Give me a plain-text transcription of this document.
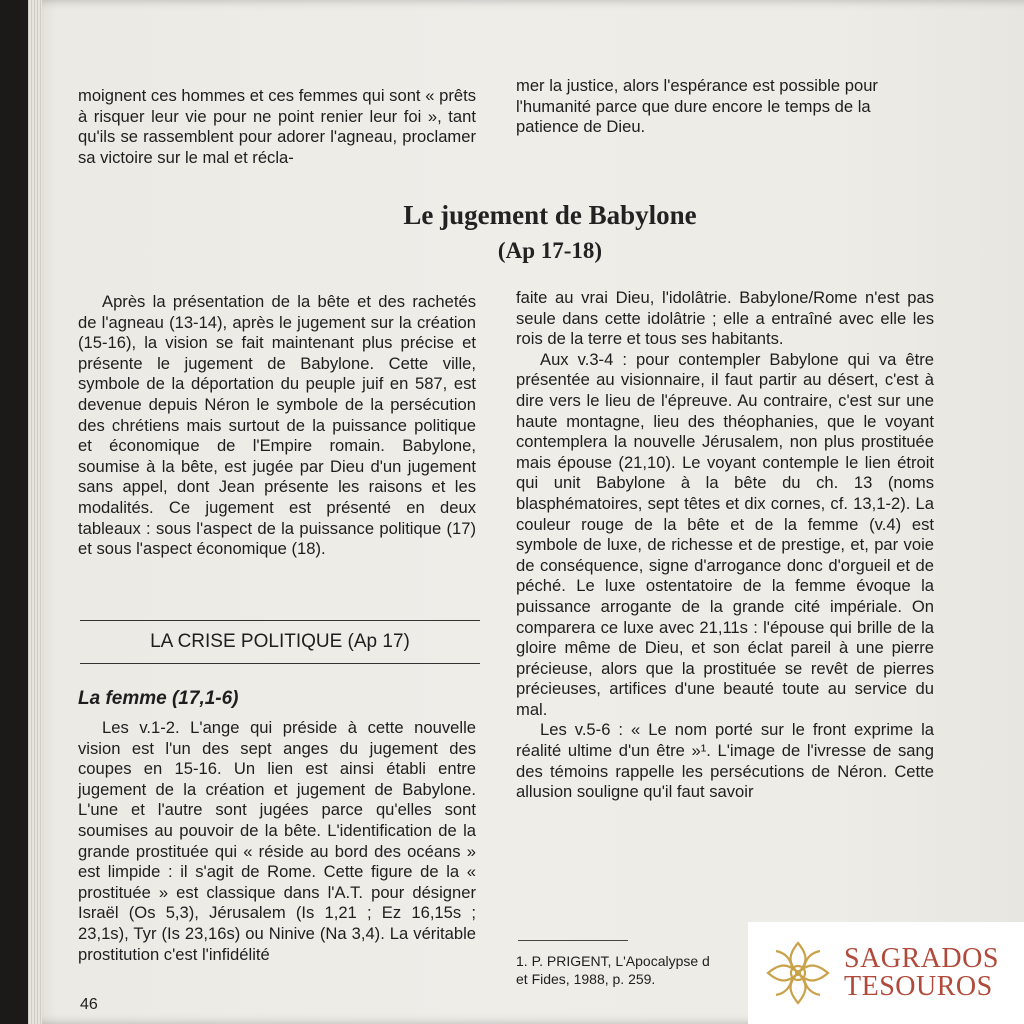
moignent ces hommes et ces femmes qui sont « prêts à risquer leur vie pour ne point renier leur foi », tant qu'ils se rassemblent pour adorer l'agneau, proclamer sa victoire sur le mal et récla-

mer la justice, alors l'espérance est possible pour l'humanité parce que dure encore le temps de la patience de Dieu.

Le jugement de Babylone
(Ap 17-18)

Après la présentation de la bête et des rachetés de l'agneau (13-14), après le jugement sur la création (15-16), la vision se fait maintenant plus précise et présente le jugement de Babylone. Cette ville, symbole de la déportation du peuple juif en 587, est devenue depuis Néron le symbole de la persécution des chrétiens mais surtout de la puissance politique et économique de l'Empire romain. Babylone, soumise à la bête, est jugée par Dieu d'un jugement sans appel, dont Jean présente les raisons et les modalités. Ce jugement est présenté en deux tableaux : sous l'aspect de la puissance politique (17) et sous l'aspect économique (18).

LA CRISE POLITIQUE (Ap 17)
La femme (17,1-6)

Les v.1-2. L'ange qui préside à cette nouvelle vision est l'un des sept anges du jugement des coupes en 15-16. Un lien est ainsi établi entre jugement de la création et jugement de Babylone. L'une et l'autre sont jugées parce qu'elles sont soumises au pouvoir de la bête. L'identification de la grande prostituée qui « réside au bord des océans » est limpide : il s'agit de Rome. Cette figure de la « prostituée » est classique dans l'A.T. pour désigner Israël (Os 5,3), Jérusalem (Is 1,21 ; Ez 16,15s ; 23,1s), Tyr (Is 23,16s) ou Ninive (Na 3,4). La véritable prostitution c'est l'infidélité

faite au vrai Dieu, l'idolâtrie. Babylone/Rome n'est pas seule dans cette idolâtrie ; elle a entraîné avec elle les rois de la terre et tous ses habitants.

Aux v.3-4 : pour contempler Babylone qui va être présentée au visionnaire, il faut partir au désert, c'est à dire vers le lieu de l'épreuve. Au contraire, c'est sur une haute montagne, lieu des théophanies, que le voyant contemplera la nouvelle Jérusalem, non plus prostituée mais épouse (21,10). Le voyant contemple le lien étroit qui unit Babylone à la bête du ch. 13 (noms blasphématoires, sept têtes et dix cornes, cf. 13,1-2). La couleur rouge de la bête et de la femme (v.4) est symbole de luxe, de richesse et de prestige, et, par voie de conséquence, signe d'arrogance donc d'orgueil et de péché. Le luxe ostentatoire de la femme évoque la puissance arrogante de la grande cité impériale. On comparera ce luxe avec 21,11s : l'épouse qui brille de la gloire même de Dieu, et son éclat pareil à une pierre précieuse, alors que la prostituée se revêt de pierres précieuses, artifices d'une beauté toute au service du mal.

Les v.5-6 : « Le nom porté sur le front exprime la réalité ultime d'un être »¹. L'image de l'ivresse de sang des témoins rappelle les persécutions de Néron. Cette allusion souligne qu'il faut savoir

1. P. PRIGENT, L'Apocalypse d
et Fides, 1988, p. 259.
46
SAGRADOS
TESOUROS
